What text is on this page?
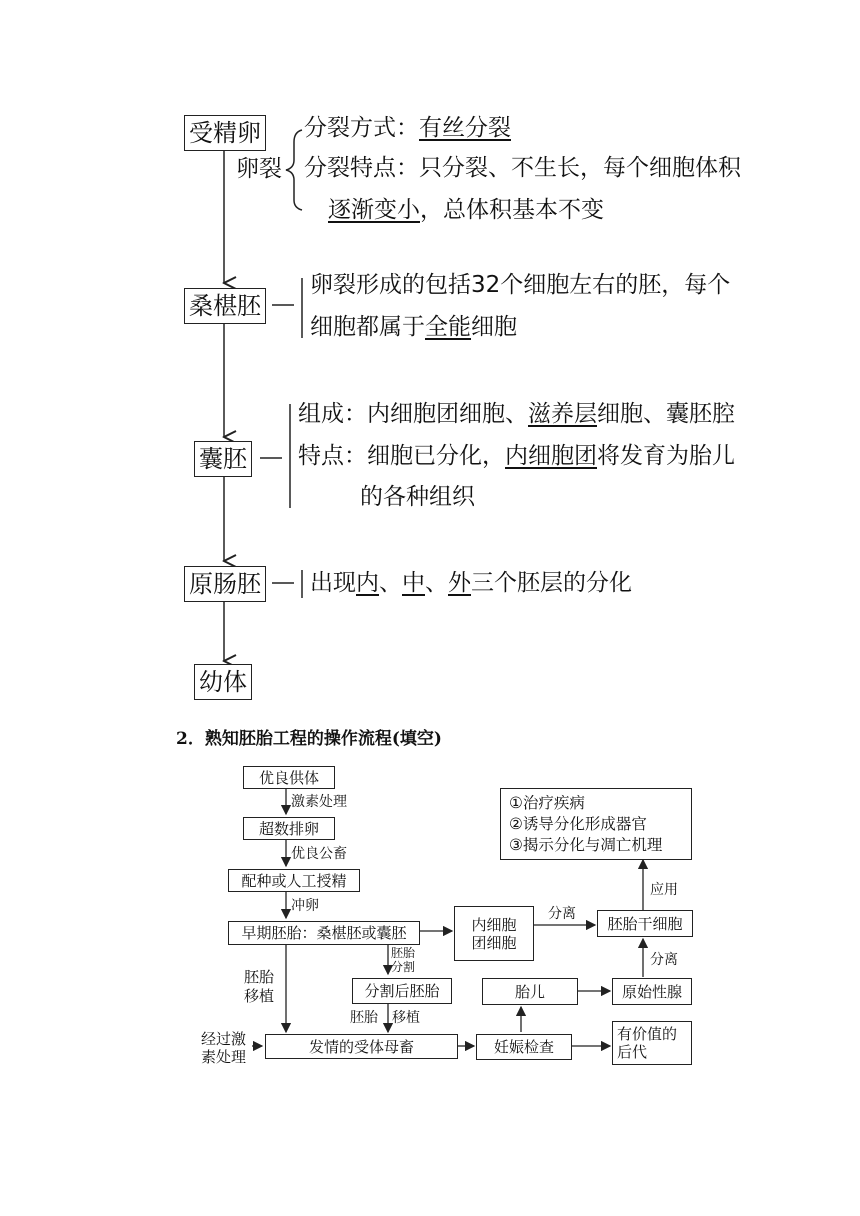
受精卵
桑椹胚
囊胚
原肠胚
幼体
卵裂
分裂方式：有丝分裂
分裂特点：只分裂、不生长，每个细胞体积
逐渐变小，总体积基本不变
卵裂形成的包括32个细胞左右的胚，每个
细胞都属于全能细胞
组成：内细胞团细胞、滋养层细胞、囊胚腔
特点：细胞已分化，内细胞团将发育为胎儿
的各种组织
出现内、中、外三个胚层的分化
2．熟知胚胎工程的操作流程(填空)
优良供体
超数排卵
配种或人工授精
早期胚胎：桑椹胚或囊胚
分割后胚胎
发情的受体母畜	妊娠检查
有价值的
后代
内细胞
团细胞
胚胎干细胞
胎儿	原始性腺
①治疗疾病
②诱导分化形成器官
③揭示分化与凋亡机理
激素处理
优良公畜
冲卵
胚胎
分割
胚胎
移植
胚胎 移植
经过激
素处理
分离
分离
应用
